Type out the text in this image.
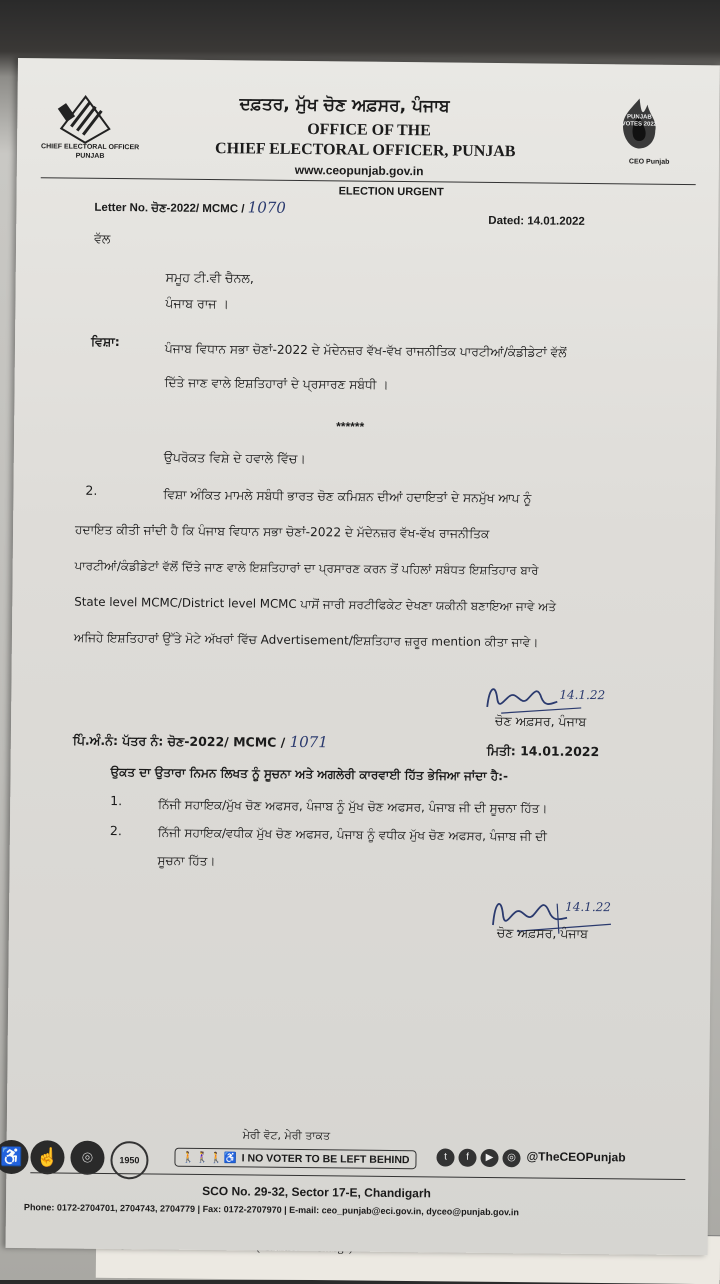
CHIEF ELECTORAL OFFICER
PUNJAB
ਦਫ਼ਤਰ, ਮੁੱਖ ਚੋਣ ਅਫ਼ਸਰ, ਪੰਜਾਬ
OFFICE OF THE
CHIEF ELECTORAL OFFICER, PUNJAB
www.ceopunjab.gov.in
PUNJAB VOTES 2022
CEO Punjab
ELECTION URGENT
Letter No. ਚੋਣ-2022/ MCMC / 1070
Dated: 14.01.2022
ਵੱਲ
ਸਮੂਹ ਟੀ.ਵੀ ਚੈਨਲ,
ਪੰਜਾਬ ਰਾਜ ।
ਵਿਸ਼ਾ:
ਪੰਜਾਬ ਵਿਧਾਨ ਸਭਾ ਚੋਣਾਂ-2022 ਦੇ ਮੱਦੇਨਜ਼ਰ ਵੱਖ-ਵੱਖ ਰਾਜਨੀਤਿਕ ਪਾਰਟੀਆਂ/ਕੰਡੀਡੇਟਾਂ ਵੱਲੋਂ
ਦਿੱਤੇ ਜਾਣ ਵਾਲੇ ਇਸ਼ਤਿਹਾਰਾਂ ਦੇ ਪ੍ਰਸਾਰਣ ਸਬੰਧੀ ।
******
ਉਪਰੋਕਤ ਵਿਸ਼ੇ ਦੇ ਹਵਾਲੇ ਵਿੱਚ।
2.	ਵਿਸ਼ਾ ਅੰਕਿਤ ਮਾਮਲੇ ਸਬੰਧੀ ਭਾਰਤ ਚੋਣ ਕਮਿਸ਼ਨ ਦੀਆਂ ਹਦਾਇਤਾਂ ਦੇ ਸਨਮੁੱਖ ਆਪ ਨੂੰ
ਹਦਾਇਤ ਕੀਤੀ ਜਾਂਦੀ ਹੈ ਕਿ ਪੰਜਾਬ ਵਿਧਾਨ ਸਭਾ ਚੋਣਾਂ-2022 ਦੇ ਮੱਦੇਨਜ਼ਰ ਵੱਖ-ਵੱਖ ਰਾਜਨੀਤਿਕ
ਪਾਰਟੀਆਂ/ਕੰਡੀਡੇਟਾਂ ਵੱਲੋਂ ਦਿੱਤੇ ਜਾਣ ਵਾਲੇ ਇਸ਼ਤਿਹਾਰਾਂ ਦਾ ਪ੍ਰਸਾਰਣ ਕਰਨ ਤੋਂ ਪਹਿਲਾਂ ਸਬੰਧਤ ਇਸ਼ਤਿਹਾਰ ਬਾਰੇ
State level MCMC/District level MCMC ਪਾਸੋਂ ਜਾਰੀ ਸਰਟੀਫਿਕੇਟ ਦੇਖਣਾ ਯਕੀਨੀ ਬਣਾਇਆ ਜਾਵੇ ਅਤੇ
ਅਜਿਹੇ ਇਸ਼ਤਿਹਾਰਾਂ ਉੱਤੇ ਮੋਟੇ ਅੱਖਰਾਂ ਵਿੱਚ Advertisement/ਇਸ਼ਤਿਹਾਰ ਜ਼ਰੂਰ mention ਕੀਤਾ ਜਾਵੇ।
14.1.22
ਚੋਣ ਅਫ਼ਸਰ, ਪੰਜਾਬ
ਪਿੰ.ਅੰ.ਨੰ: ਪੱਤਰ ਨੰ: ਚੋਣ-2022/ MCMC / 1071	ਮਿਤੀ: 14.01.2022
ਉਕਤ ਦਾ ਉਤਾਰਾ ਨਿਮਨ ਲਿਖਤ ਨੂੰ ਸੂਚਨਾ ਅਤੇ ਅਗਲੇਰੀ ਕਾਰਵਾਈ ਹਿੱਤ ਭੇਜਿਆ ਜਾਂਦਾ ਹੈ:-
1.	ਨਿੱਜੀ ਸਹਾਇਕ/ਮੁੱਖ ਚੋਣ ਅਫਸਰ, ਪੰਜਾਬ ਨੂੰ ਮੁੱਖ ਚੋਣ ਅਫਸਰ, ਪੰਜਾਬ ਜੀ ਦੀ ਸੂਚਨਾ ਹਿੱਤ।
2.	ਨਿੱਜੀ ਸਹਾਇਕ/ਵਧੀਕ ਮੁੱਖ ਚੋਣ ਅਫਸਰ, ਪੰਜਾਬ ਨੂੰ ਵਧੀਕ ਮੁੱਖ ਚੋਣ ਅਫਸਰ, ਪੰਜਾਬ ਜੀ ਦੀ
ਸੂਚਨਾ ਹਿੱਤ।
14.1.22
ਚੋਣ ਅਫ਼ਸਰ, ਪੰਜਾਬ
ਮੇਰੀ ਵੋਟ, ਮੇਰੀ ਤਾਕਤ
♿ ☝	⌾	1950	🚶🚶‍♀🚶♿ I NO VOTER TO BE LEFT BEHIND	t	f	▶	◎ @TheCEOPunjab
SCO No. 29-32, Sector 17-E, Chandigarh
Phone: 0172-2704701, 2704743, 2704779 | Fax: 0172-2707970 | E-mail: ceo_punjab@eci.gov.in, dyceo@punjab.gov.in
